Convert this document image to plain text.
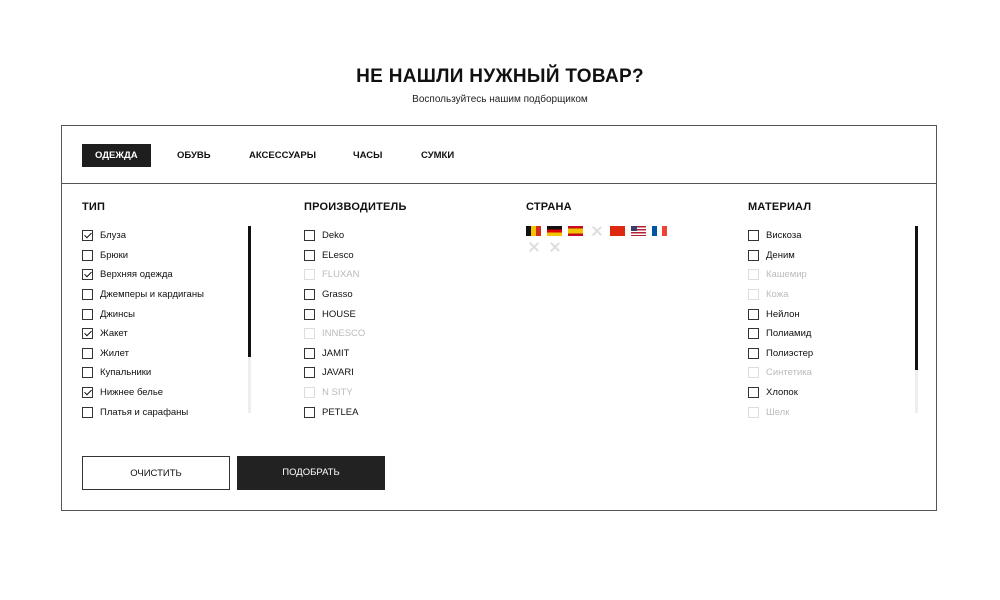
НЕ НАШЛИ НУЖНЫЙ ТОВАР?
Воспользуйтесь нашим подборщиком
ОДЕЖДА	ОБУВЬ	АКСЕССУАРЫ	ЧАСЫ	СУМКИ
ТИП
Блуза
Брюки
Верхняя одежда
Джемперы и кардиганы
Джинсы
Жакет
Жилет
Купальники
Нижнее белье
Платья и сарафаны
ПРОИЗВОДИТЕЛЬ
Deko
ELesco
FLUXAN
Grasso
HOUSE
INNESCO
JAMIT
JAVARI
N SITY
PETLEA
СТРАНА	МАТЕРИАЛ
Вискоза
Деним
Кашемир
Кожа
Нейлон
Полиамид
Полиэстер
Синтетика
Хлопок
Шелк
ОЧИСТИТЬ	ПОДОБРАТЬ
